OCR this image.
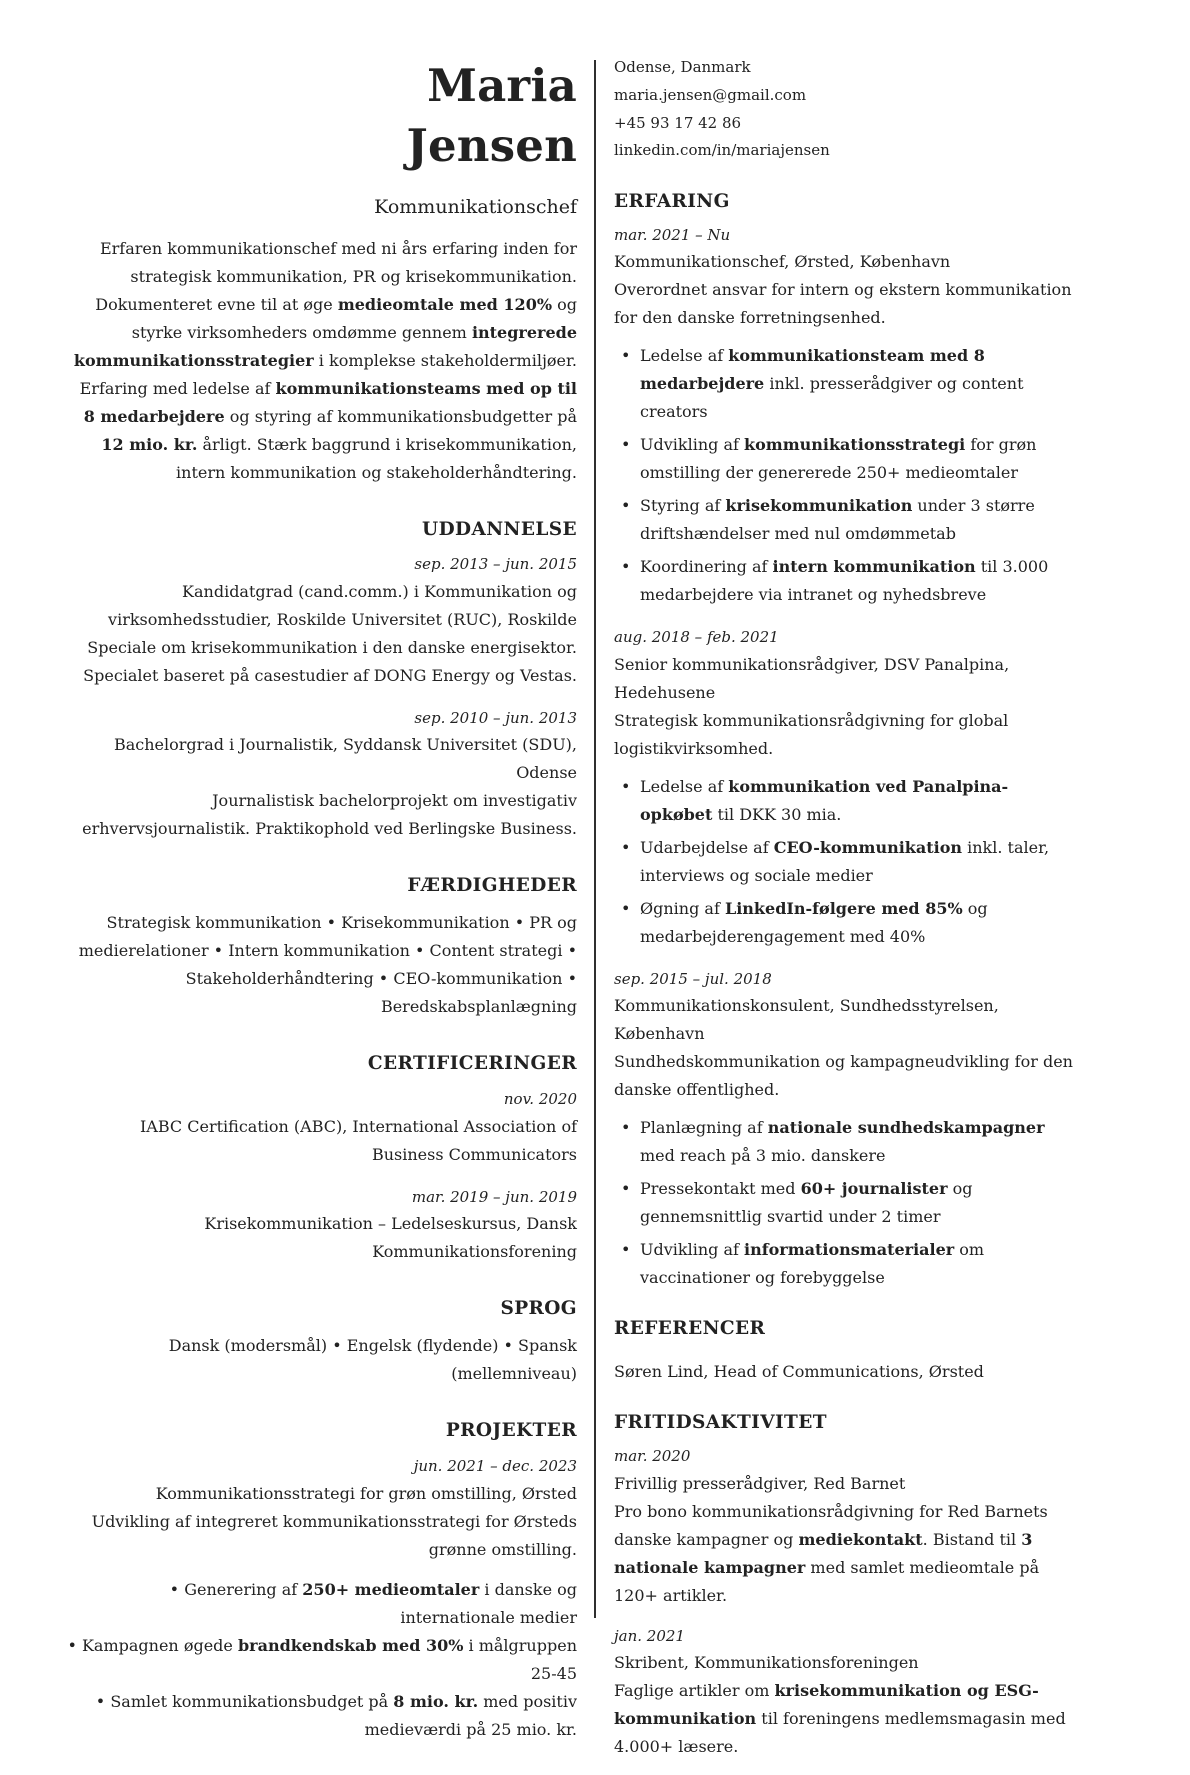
Maria
Jensen

Kommunikationschef

Erfaren kommunikationschef med ni års erfaring inden for strategisk kommunikation, PR og krisekommunikation. Dokumenteret evne til at øge medieomtale med 120% og styrke virksomheders omdømme gennem integrerede kommunikationsstrategier i komplekse stakeholdermiljøer. Erfaring med ledelse af kommunikationsteams med op til 8 medarbejdere og styring af kommunikationsbudgetter på 12 mio. kr. årligt. Stærk baggrund i krisekommunikation, intern kommunikation og stakeholderhåndtering.

UDDANNELSE

sep. 2013 – jun. 2015

Kandidatgrad (cand.comm.) i Kommunikation og virksomhedsstudier, Roskilde Universitet (RUC), Roskilde

Speciale om krisekommunikation i den danske energisektor. Specialet baseret på casestudier af DONG Energy og Vestas.

sep. 2010 – jun. 2013

Bachelorgrad i Journalistik, Syddansk Universitet (SDU), Odense

Journalistisk bachelorprojekt om investigativ erhvervsjournalistik. Praktikophold ved Berlingske Business.

FÆRDIGHEDER

Strategisk kommunikation • Krisekommunikation • PR og medierelationer • Intern kommunikation • Content strategi • Stakeholderhåndtering • CEO-kommunikation • Beredskabsplanlægning

CERTIFICERINGER

nov. 2020

IABC Certification (ABC), International Association of Business Communicators

mar. 2019 – jun. 2019

Krisekommunikation – Ledelseskursus, Dansk Kommunikationsforening

SPROG

Dansk (modersmål) • Engelsk (flydende) • Spansk (mellemniveau)

PROJEKTER

jun. 2021 – dec. 2023

Kommunikationsstrategi for grøn omstilling, Ørsted

Udvikling af integreret kommunikationsstrategi for Ørsteds grønne omstilling.

• Generering af 250+ medieomtaler i danske og internationale medier

• Kampagnen øgede brandkendskab med 30% i målgruppen 25-45

• Samlet kommunikationsbudget på 8 mio. kr. med positiv medieværdi på 25 mio. kr.

Odense, Danmark

maria.jensen@gmail.com

+45 93 17 42 86

linkedin.com/in/mariajensen

ERFARING

mar. 2021 – Nu

Kommunikationschef, Ørsted, København

Overordnet ansvar for intern og ekstern kommunikation for den danske forretningsenhed.

• Ledelse af kommunikationsteam med 8 medarbejdere inkl. presserådgiver og content creators
• Udvikling af kommunikationsstrategi for grøn omstilling der genererede 250+ medieomtaler
• Styring af krisekommunikation under 3 større driftshændelser med nul omdømmetab
• Koordinering af intern kommunikation til 3.000 medarbejdere via intranet og nyhedsbreve

aug. 2018 – feb. 2021

Senior kommunikationsrådgiver, DSV Panalpina, Hedehusene

Strategisk kommunikationsrådgivning for global logistikvirksomhed.

• Ledelse af kommunikation ved Panalpina-opkøbet til DKK 30 mia.
• Udarbejdelse af CEO-kommunikation inkl. taler, interviews og sociale medier
• Øgning af LinkedIn-følgere med 85% og medarbejderengagement med 40%

sep. 2015 – jul. 2018

Kommunikationskonsulent, Sundhedsstyrelsen, København

Sundhedskommunikation og kampagneudvikling for den danske offentlighed.

• Planlægning af nationale sundhedskampagner med reach på 3 mio. danskere
• Pressekontakt med 60+ journalister og gennemsnittlig svartid under 2 timer
• Udvikling af informationsmaterialer om vaccinationer og forebyggelse
REFERENCER

Søren Lind, Head of Communications, Ørsted

FRITIDSAKTIVITET

mar. 2020

Frivillig presserådgiver, Red Barnet

Pro bono kommunikationsrådgivning for Red Barnets danske kampagner og mediekontakt. Bistand til 3 nationale kampagner med samlet medieomtale på 120+ artikler.

jan. 2021

Skribent, Kommunikationsforeningen

Faglige artikler om krisekommunikation og ESG-kommunikation til foreningens medlemsmagasin med 4.000+ læsere.
